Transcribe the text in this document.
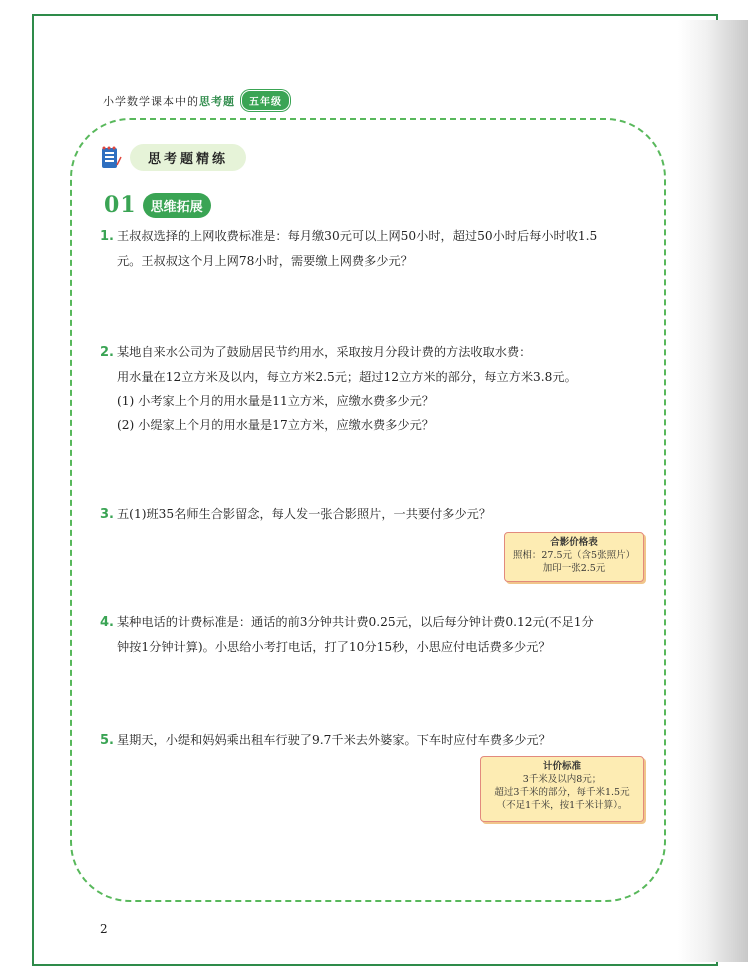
小学数学课本中的 思考题	五年级
思考题精练
01	思维拓展
1. 王叔叔选择的上网收费标准是：每月缴30元可以上网50小时，超过50小时后每小时收1.5
元。王叔叔这个月上网78小时，需要缴上网费多少元？
2. 某地自来水公司为了鼓励居民节约用水，采取按月分段计费的方法收取水费：
用水量在12立方米及以内，每立方米2.5元；超过12立方米的部分，每立方米3.8元。
(1) 小考家上个月的用水量是11立方米，应缴水费多少元？
(2) 小缇家上个月的用水量是17立方米，应缴水费多少元？
3. 五(1)班35名师生合影留念，每人发一张合影照片，一共要付多少元？
合影价格表
照相：27.5元（含5张照片）
加印一张2.5元
4. 某种电话的计费标准是：通话的前3分钟共计费0.25元，以后每分钟计费0.12元(不足1分
钟按1分钟计算)。小思给小考打电话，打了10分15秒，小思应付电话费多少元？
5. 星期天，小缇和妈妈乘出租车行驶了9.7千米去外婆家。下车时应付车费多少元？
计价标准
3千米及以内8元；
超过3千米的部分，每千米1.5元
（不足1千米，按1千米计算）。
2
